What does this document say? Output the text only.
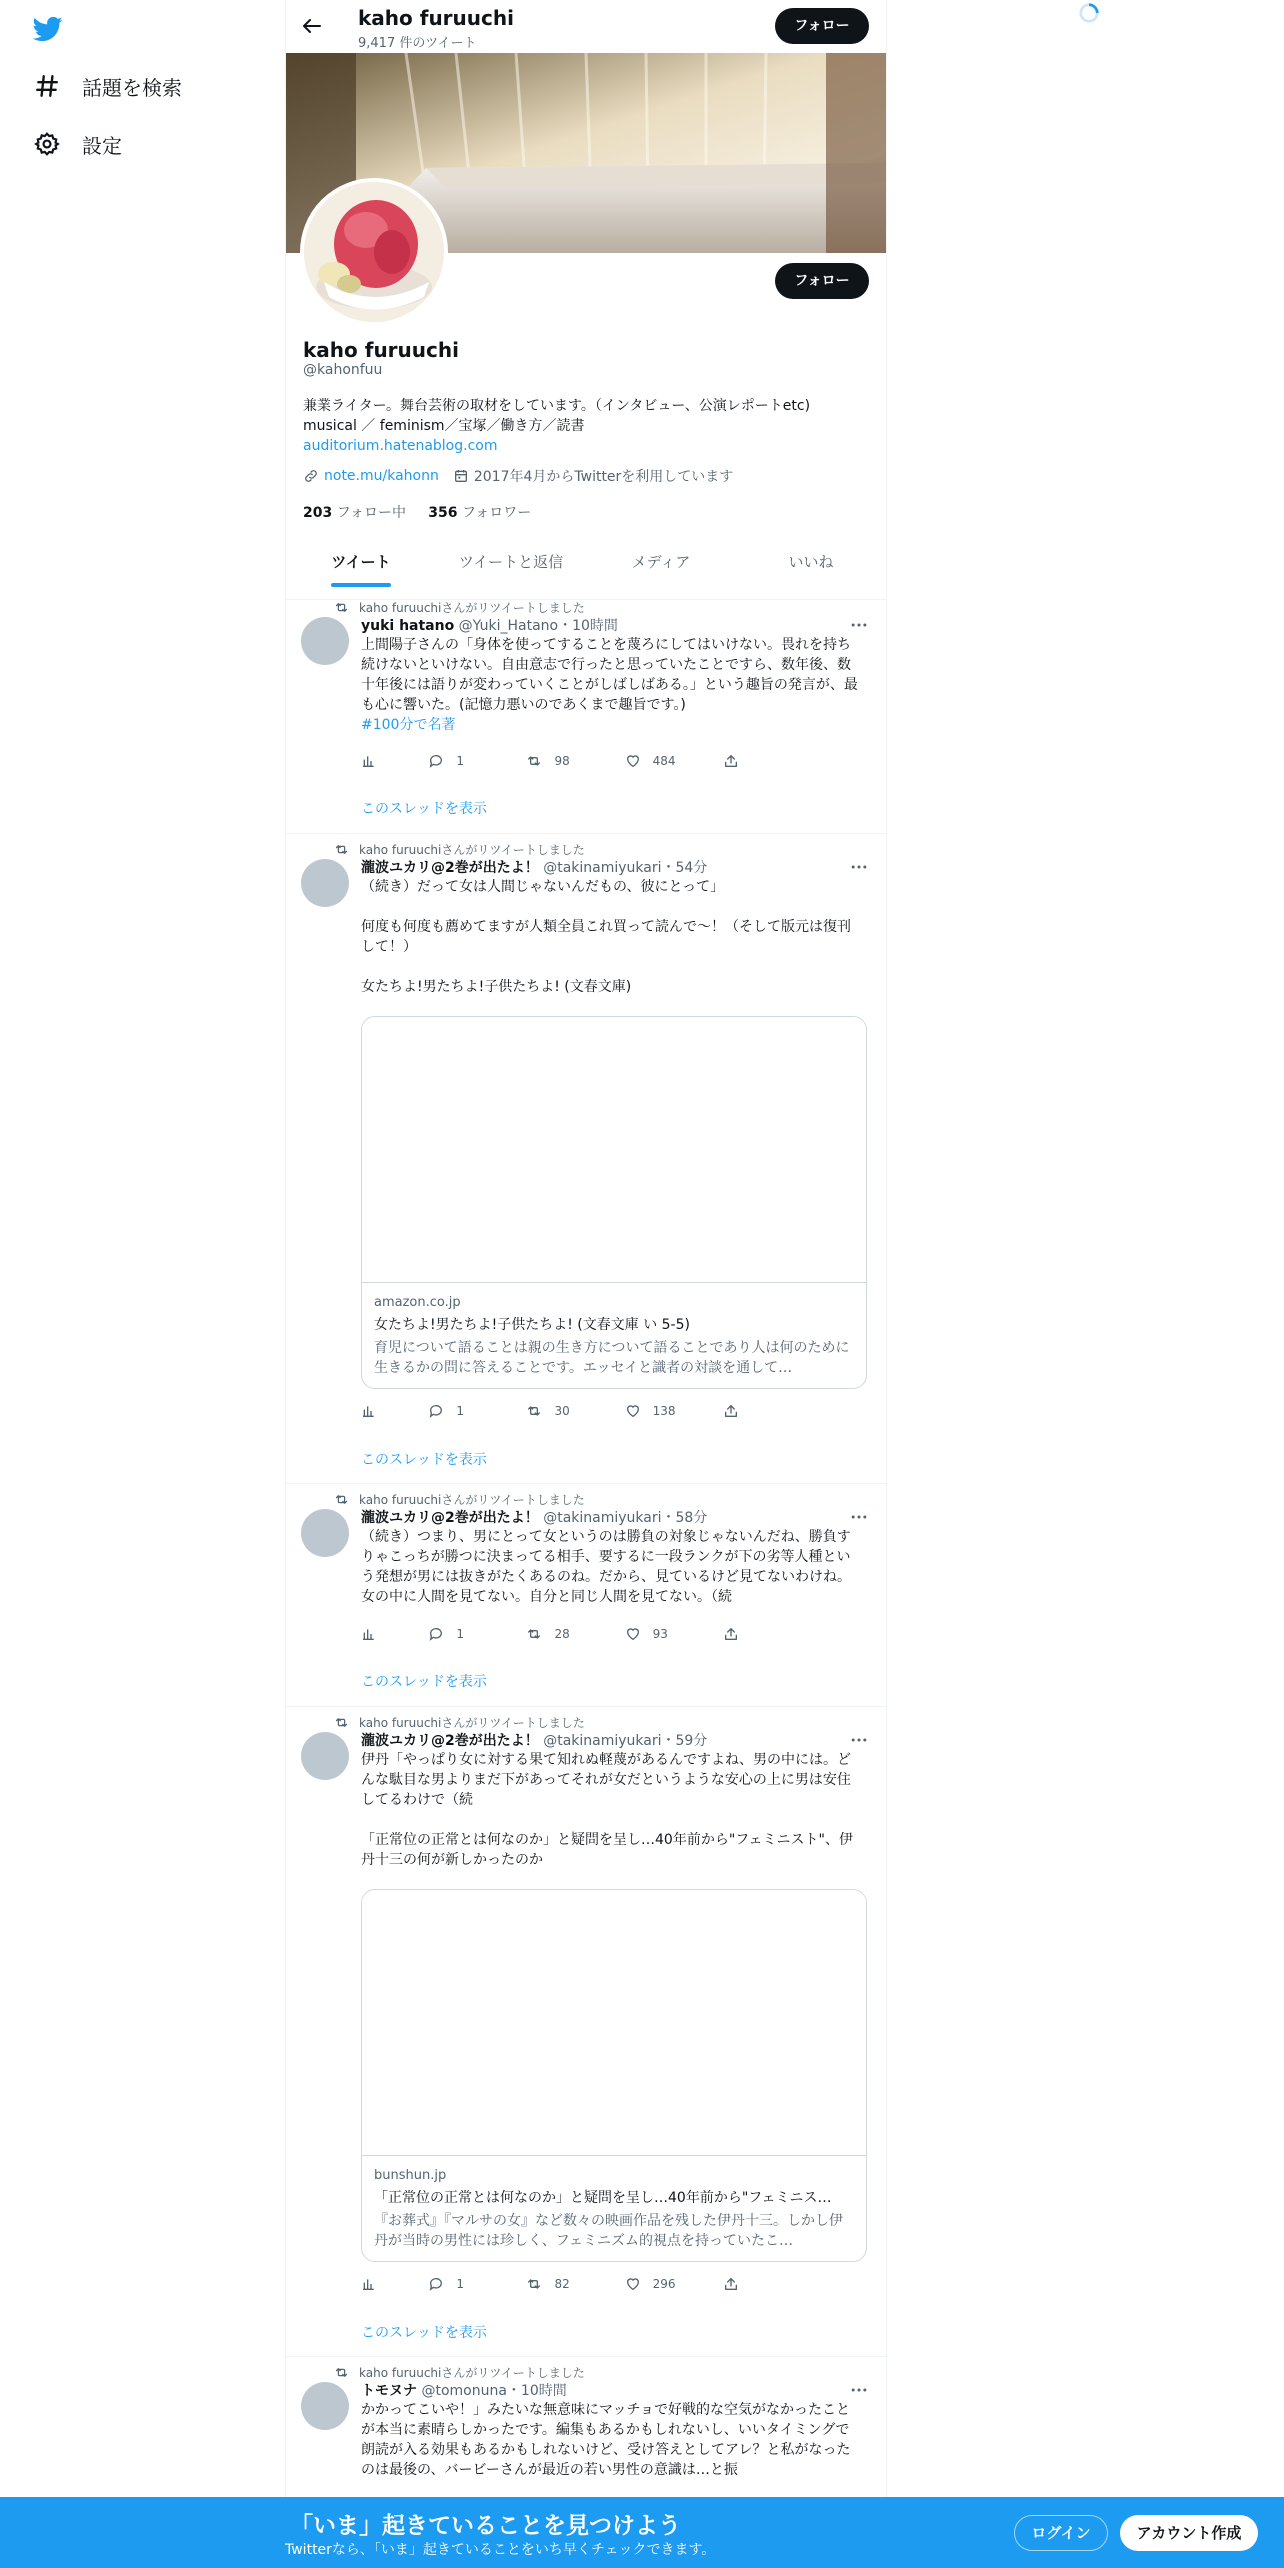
話題を検索
設定
kaho furuuchi
9,417 件のツイート
フォロー
フォロー
kaho furuuchi
@kahonfuu
兼業ライター。舞台芸術の取材をしています。（インタビュー、公演レポートetc)
musical ／ feminism／宝塚／働き方／読書
auditorium.hatenablog.com
note.mu/kahonn	2017年4月からTwitterを利用しています
203 フォロー中 356 フォロワー
ツイート	ツイートと返信	メディア	いいね
kaho furuuchiさんがリツイートしました
yuki hatano @Yuki_Hatano・10時間
上間陽子さんの「身体を使ってすることを蔑ろにしてはいけない。畏れを持ち続けないといけない。自由意志で行ったと思っていたことですら、数年後、数十年後には語りが変わっていくことがしばしばある。」という趣旨の発言が、最も心に響いた。(記憶力悪いのであくまで趣旨です。)
#100分で名著
1	98	484
このスレッドを表示
kaho furuuchiさんがリツイートしました
瀧波ユカリ@2巻が出たよ！ @takinamiyukari・54分
（続き）だって女は人間じゃないんだもの、彼にとって」

何度も何度も薦めてますが人類全員これ買って読んで〜！（そして版元は復刊して！）

女たちよ!男たちよ!子供たちよ! (文春文庫)
amazon.co.jp
女たちよ!男たちよ!子供たちよ! (文春文庫 い 5-5)
育児について語ることは親の生き方について語ることであり人は何のために生きるかの問に答えることです。エッセイと識者の対談を通して…
1	30	138
このスレッドを表示
kaho furuuchiさんがリツイートしました
瀧波ユカリ@2巻が出たよ！ @takinamiyukari・58分
（続き）つまり、男にとって女というのは勝負の対象じゃないんだね、勝負すりゃこっちが勝つに決まってる相手、要するに一段ランクが下の劣等人種という発想が男には抜きがたくあるのね。だから、見ているけど見てないわけね。女の中に人間を見てない。自分と同じ人間を見てない。（続
1	28	93
このスレッドを表示
kaho furuuchiさんがリツイートしました
瀧波ユカリ@2巻が出たよ！ @takinamiyukari・59分
伊丹「やっぱり女に対する果て知れぬ軽蔑があるんですよね、男の中には。どんな駄目な男よりまだ下があってそれが女だというような安心の上に男は安住してるわけで（続

「正常位の正常とは何なのか」と疑問を呈し…40年前から"フェミニスト"、伊丹十三の何が新しかったのか
bunshun.jp
「正常位の正常とは何なのか」と疑問を呈し…40年前から"フェミニス…
『お葬式』『マルサの女』など数々の映画作品を残した伊丹十三。しかし伊丹が当時の男性には珍しく、フェミニズム的視点を持っていたこ…
1	82	296
このスレッドを表示
kaho furuuchiさんがリツイートしました
トモヌナ @tomonuna・10時間
かかってこいや！」みたいな無意味にマッチョで好戦的な空気がなかったことが本当に素晴らしかったです。編集もあるかもしれないし、いいタイミングで朗読が入る効果もあるかもしれないけど、受け答えとしてアレ？と私がなったのは最後の、バービーさんが最近の若い男性の意識は…と振
「いま」起きていることを見つけよう
Twitterなら、「いま」起きていることをいち早くチェックできます。
ログイン	アカウント作成
